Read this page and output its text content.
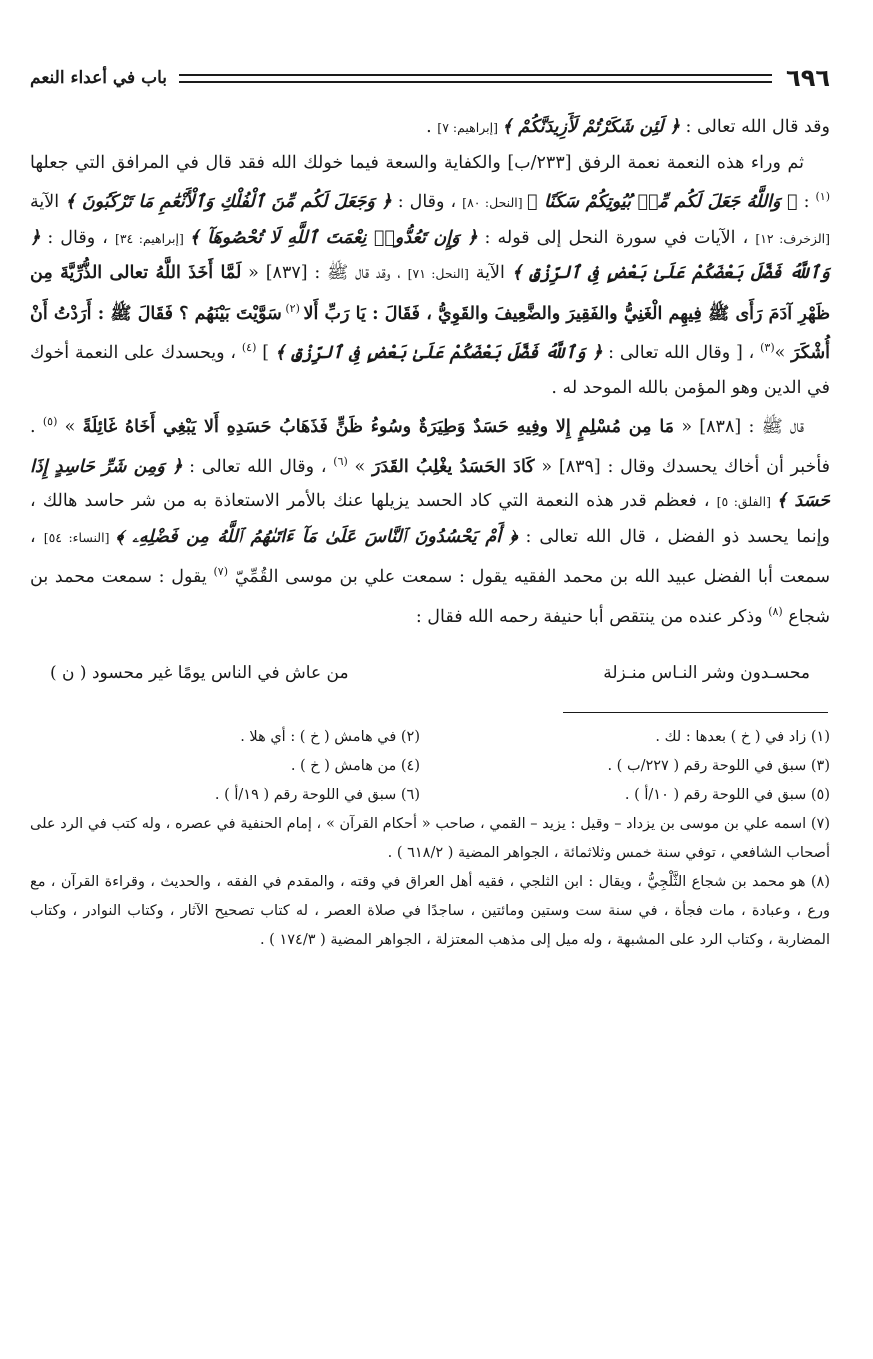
٦٩٦
باب في أعداء النعم

وقد قال الله تعالى : ﴿ لَئِن شَكَرْتُمْ لَأَزِيدَنَّكُمْ ﴾ [إبراهيم: ٧] .

ثم وراء هذه النعمة نعمة الرفق [٢٣٣/ب] والكفاية والسعة فيما خولك الله فقد قال في المرافق التي جعلها $^{(١)}$ : ﴿ وَاللَّهُ جَعَلَ لَكُم مِّنۢ بُيُوتِكُمْ سَكَنًا ﴾ [النحل: ٨٠] ، وقال : ﴿ وَجَعَلَ لَكُم مِّنَ ٱلْفُلْكِ وَٱلْأَنْعَٰمِ مَا تَرْكَبُونَ ﴾ الآية [الزخرف: ١٢] ، الآيات في سورة النحل إلى قوله : ﴿ وَإِن تَعُدُّوا۟ نِعْمَتَ ٱللَّهِ لَا تُحْصُوهَآ ﴾ [إبراهيم: ٣٤] ، وقال : ﴿ وَٱللَّهُ فَضَّلَ بَعْضَكُمْ عَلَىٰ بَعْضٍ فِى ٱلرِّزْقِ ﴾ الآية [النحل: ٧١] ، وقد قال ﷺ : [٨٣٧] « لَمَّا أَخَذَ اللَّهُ تعالى الذُّرِّيَّةَ مِن ظَهْرِ آدَمَ رَأَى ﷺ فِيهِم الْغَنِيُّ والفَقِيرَ والضَّعِيفَ والقَوِيُّ ، فَقَالَ : يَا رَبِّ أَلا $^{(٢)}$ سَوَّيْتَ بَيْنَهُم ؟ فَقَالَ ﷺ : أَرَدْتُ أَنْ أُشْكَرَ »$^{(٣)}$ ، [ وقال الله تعالى : ﴿ وَٱللَّهُ فَضَّلَ بَعْضَكُمْ عَلَىٰ بَعْضٍ فِى ٱلرِّزْقِ ﴾ ] $^{(٤)}$ ، ويحسدك على النعمة أخوك في الدين وهو المؤمن بالله الموحد له .

قال ﷺ : [٨٣٨] « مَا مِن مُسْلِمٍ إِلا وفِيهِ حَسَدٌ وَطِيَرَةٌ وسُوءُ ظَنٍّ فَذَهَابُ حَسَدِهِ أَلا يَبْغِي أَخَاهُ غَائِلَةً » $^{(٥)}$ . فأخبر أن أخاك يحسدك وقال : [٨٣٩] « كَادَ الحَسَدُ يغْلِبُ القَدَرَ » $^{(٦)}$ ، وقال الله تعالى : ﴿ وَمِن شَرِّ حَاسِدٍ إِذَا حَسَدَ ﴾ [الفلق: ٥] ، فعظم قدر هذه النعمة التي كاد الحسد يزيلها عنك بالأمر الاستعاذة به من شر حاسد هالك ، وإنما يحسد ذو الفضل ، قال الله تعالى : ﴿ أَمْ يَحْسُدُونَ ٱلنَّاسَ عَلَىٰ مَآ ءَاتَىٰهُمُ ٱللَّهُ مِن فَضْلِهِۦ ﴾ [النساء: ٥٤] ، سمعت أبا الفضل عبيد الله بن محمد الفقيه يقول : سمعت علي بن موسى القُمِّيّ $^{(٧)}$ يقول : سمعت محمد بن شجاع $^{(٨)}$ وذكر عنده من ينتقص أبا حنيفة رحمه الله فقال :

محسـدون وشر النـاس منـزلة
من عاش في الناس يومًا غير محسود ( ن )
(١) زاد في ( خ ) بعدها : لك .
(٢) في هامش ( خ ) : أي هلا .
(٣) سبق في اللوحة رقم ( ٢٢٧/ب ) .
(٤) من هامش ( خ ) .
(٥) سبق في اللوحة رقم ( ١٠/أ ) .
(٦) سبق في اللوحة رقم ( ١٩/أ ) .
(٧) اسمه علي بن موسى بن يزداد – وقيل : يزيد – القمي ، صاحب « أحكام القرآن » ، إمام الحنفية في عصره ، وله كتب في الرد على أصحاب الشافعي ، توفي سنة خمس وثلاثمائة ، الجواهر المضية ( ٦١٨/٢ ) .
(٨) هو محمد بن شجاع الثَّلْجِيُّ ، ويقال : ابن الثلجي ، فقيه أهل العراق في وقته ، والمقدم في الفقه ، والحديث ، وقراءة القرآن ، مع ورع ، وعبادة ، مات فجأة ، في سنة ست وستين ومائتين ، ساجدًا في صلاة العصر ، له كتاب تصحيح الآثار ، وكتاب النوادر ، وكتاب المضاربة ، وكتاب الرد على المشبهة ، وله ميل إلى مذهب المعتزلة ، الجواهر المضية ( ١٧٤/٣ ) .
